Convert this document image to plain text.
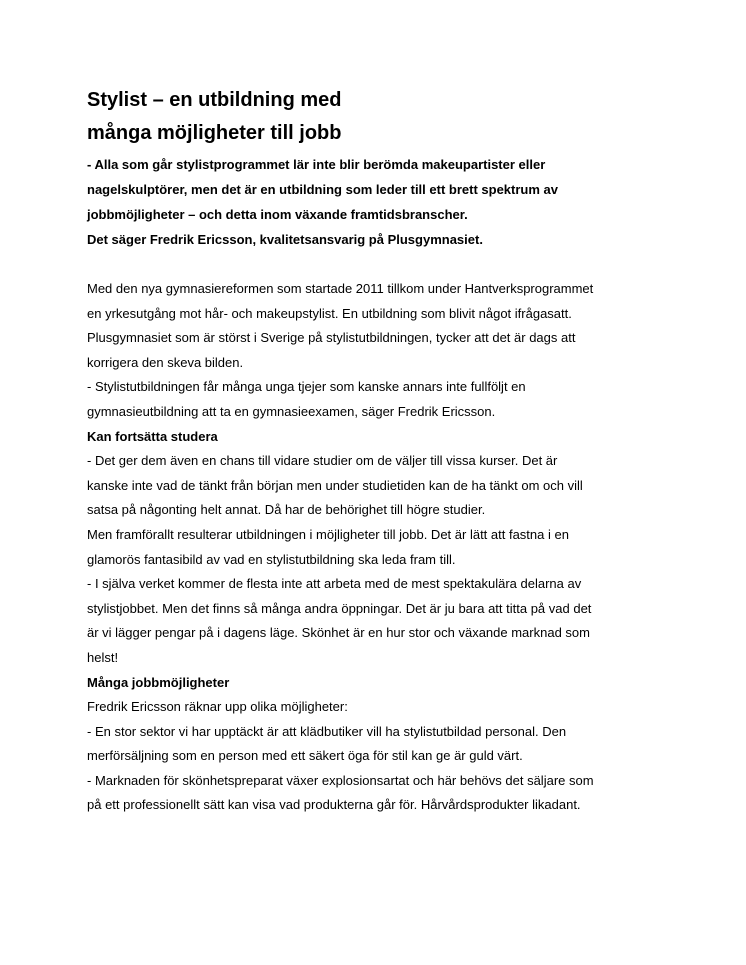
Stylist – en utbildning med

många möjligheter till jobb

- Alla som går stylistprogrammet lär inte blir berömda makeupartister eller

nagelskulptörer, men det är en utbildning som leder till ett brett spektrum av

jobbmöjligheter – och detta inom växande framtidsbranscher.

Det säger Fredrik Ericsson, kvalitetsansvarig på Plusgymnasiet.

Med den nya gymnasiereformen som startade 2011 tillkom under Hantverksprogrammet

en yrkesutgång mot hår- och makeupstylist. En utbildning som blivit något ifrågasatt.

Plusgymnasiet som är störst i Sverige på stylistutbildningen, tycker att det är dags att

korrigera den skeva bilden.

- Stylistutbildningen får många unga tjejer som kanske annars inte fullföljt en

gymnasieutbildning att ta en gymnasieexamen, säger Fredrik Ericsson.

Kan fortsätta studera

- Det ger dem även en chans till vidare studier om de väljer till vissa kurser. Det är

kanske inte vad de tänkt från början men under studietiden kan de ha tänkt om och vill

satsa på någonting helt annat. Då har de behörighet till högre studier.

Men framförallt resulterar utbildningen i möjligheter till jobb. Det är lätt att fastna i en

glamorös fantasibild av vad en stylistutbildning ska leda fram till.

- I själva verket kommer de flesta inte att arbeta med de mest spektakulära delarna av

stylistjobbet. Men det finns så många andra öppningar. Det är ju bara att titta på vad det

är vi lägger pengar på i dagens läge. Skönhet är en hur stor och växande marknad som

helst!

Många jobbmöjligheter

Fredrik Ericsson räknar upp olika möjligheter:

- En stor sektor vi har upptäckt är att klädbutiker vill ha stylistutbildad personal. Den

merförsäljning som en person med ett säkert öga för stil kan ge är guld värt.

- Marknaden för skönhetspreparat växer explosionsartat och här behövs det säljare som

på ett professionellt sätt kan visa vad produkterna går för. Hårvårdsprodukter likadant.
